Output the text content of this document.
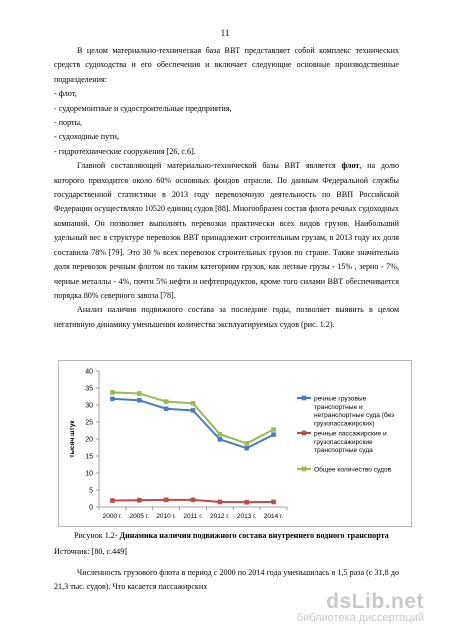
11

В целом материально-техническая база ВВТ представляет собой комплекс технических средств судоходства и его обеспечения и включает следующие основные производственные подразделения:

- флот,

- судоремонтные и судостроительные предприятия,

- порты,

- судоходные пути,

- гидротехнические сооружения [26, с.6].

Главной составляющей материально-технической базы ВВТ является флот, на долю которого приходится около 60% основных фондов отрасли. По данным Федеральной службы государственной статистики в 2013 году перевозочную деятельность по ВВП Российской Федерации осуществляло 10520 единиц судов [88]. Многообразен состав флота речных судоходных компаний. Он позволяет выполнять перевозки практически всех видов грузов. Наибольший удельный вес в структуре перевозок ВВТ принадлежит строительным грузам, в 2013 году их доля составила 78% [79]. Это 30 % всех перевозок строительных грузов по стране. Также значительна доля перевозок речным флотом по таким категориям грузов, как лесные грузы - 15% , зерно - 7%, черные металлы - 4%, почти 5% нефти и нефтепродуктов, кроме того силами ВВТ обеспечивается порядка 80% северного завоза [78].

Анализ наличия подвижного состава за последние годы, позволяет выявить в целом негативную динамику уменьшения количества эксплуатируемых судов (рис. 1.2).

0
5
10
15
20
25
30
35
40
тысяч штук
2000 г. 2005 г. 2010 г. 2011 г. 2012 г. 2013 г. 2014 г.
речные грузовые транспортные и нетранспортные суда (без грузопассажирских)
речные пассажирские и грузопассажирские транспортные суда
Общее количество судов
Рисунок 1.2- Динамика наличия подвижного состава внутреннего водного транспорта
Источник: [80, с.449]

Численность грузового флота в период с 2000 по 2014 года уменьшилась в 1,5 раза (с 31,8 до 21,3 тыс. судов). Что касается пассажирских

dsLib.net
библиотека диссертаций
